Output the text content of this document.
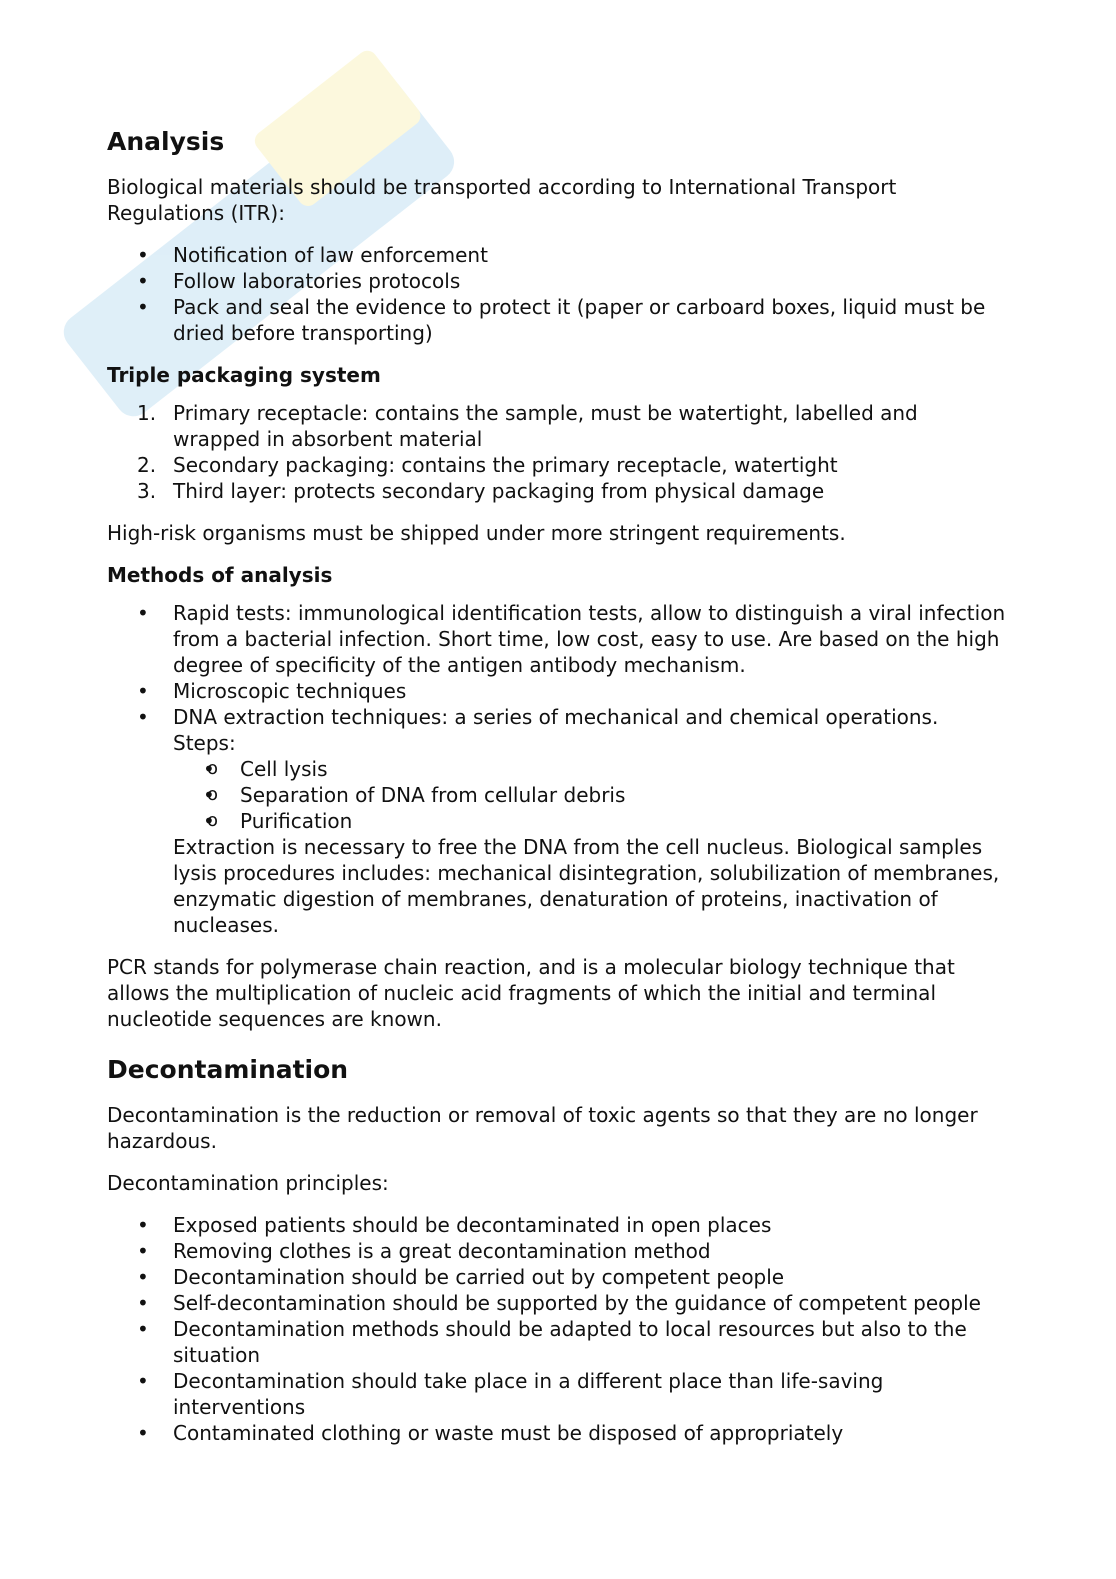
Analysis

Biological materials should be transported according to International Transport Regulations (ITR):

• Notification of law enforcement
• Follow laboratories protocols
• Pack and seal the evidence to protect it (paper or carboard boxes, liquid must be dried before transporting)
Triple packaging system
1. Primary receptacle: contains the sample, must be watertight, labelled and wrapped in absorbent material
2. Secondary packaging: contains the primary receptacle, watertight
3. Third layer: protects secondary packaging from physical damage

High-risk organisms must be shipped under more stringent requirements.

Methods of analysis
• Rapid tests: immunological identification tests, allow to distinguish a viral infection from a bacterial infection. Short time, low cost, easy to use. Are based on the high degree of specificity of the antigen antibody mechanism.
• Microscopic techniques
• DNA extraction techniques: a series of mechanical and chemical operations. Steps:
• o Cell lysis
• o Separation of DNA from cellular debris
• o Purification
Extraction is necessary to free the DNA from the cell nucleus. Biological samples lysis procedures includes: mechanical disintegration, solubilization of membranes, enzymatic digestion of membranes, denaturation of proteins, inactivation of nucleases.

PCR stands for polymerase chain reaction, and is a molecular biology technique that allows the multiplication of nucleic acid fragments of which the initial and terminal nucleotide sequences are known.

Decontamination

Decontamination is the reduction or removal of toxic agents so that they are no longer hazardous.

Decontamination principles:

• Exposed patients should be decontaminated in open places
• Removing clothes is a great decontamination method
• Decontamination should be carried out by competent people
• Self-decontamination should be supported by the guidance of competent people
• Decontamination methods should be adapted to local resources but also to the situation
• Decontamination should take place in a different place than life-saving interventions
• Contaminated clothing or waste must be disposed of appropriately
